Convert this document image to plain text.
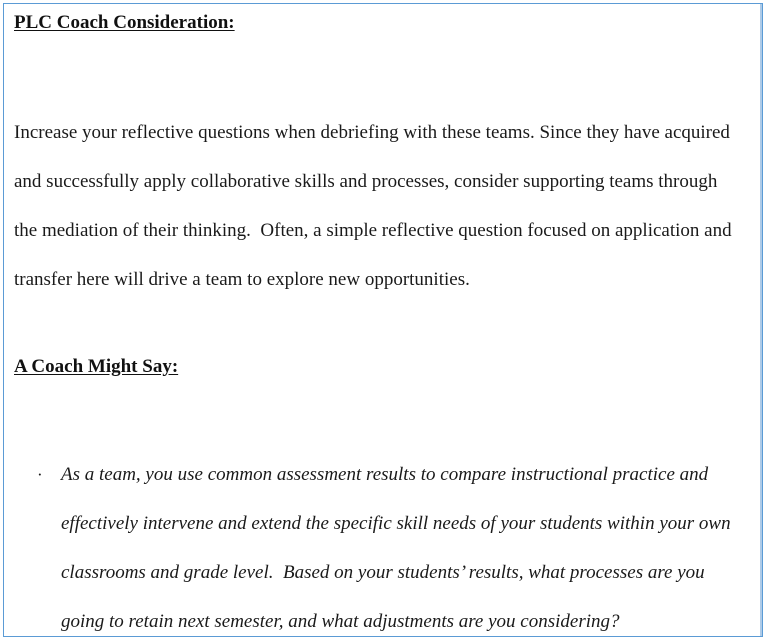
PLC Coach Consideration:
Increase your reflective questions when debriefing with these teams. Since they have acquired
and successfully apply collaborative skills and processes, consider supporting teams through
the mediation of their thinking.  Often, a simple reflective question focused on application and
transfer here will drive a team to explore new opportunities.
A Coach Might Say:
· As a team, you use common assessment results to compare instructional practice and
effectively intervene and extend the specific skill needs of your students within your own
classrooms and grade level.  Based on your students’ results, what processes are you
going to retain next semester, and what adjustments are you considering?
